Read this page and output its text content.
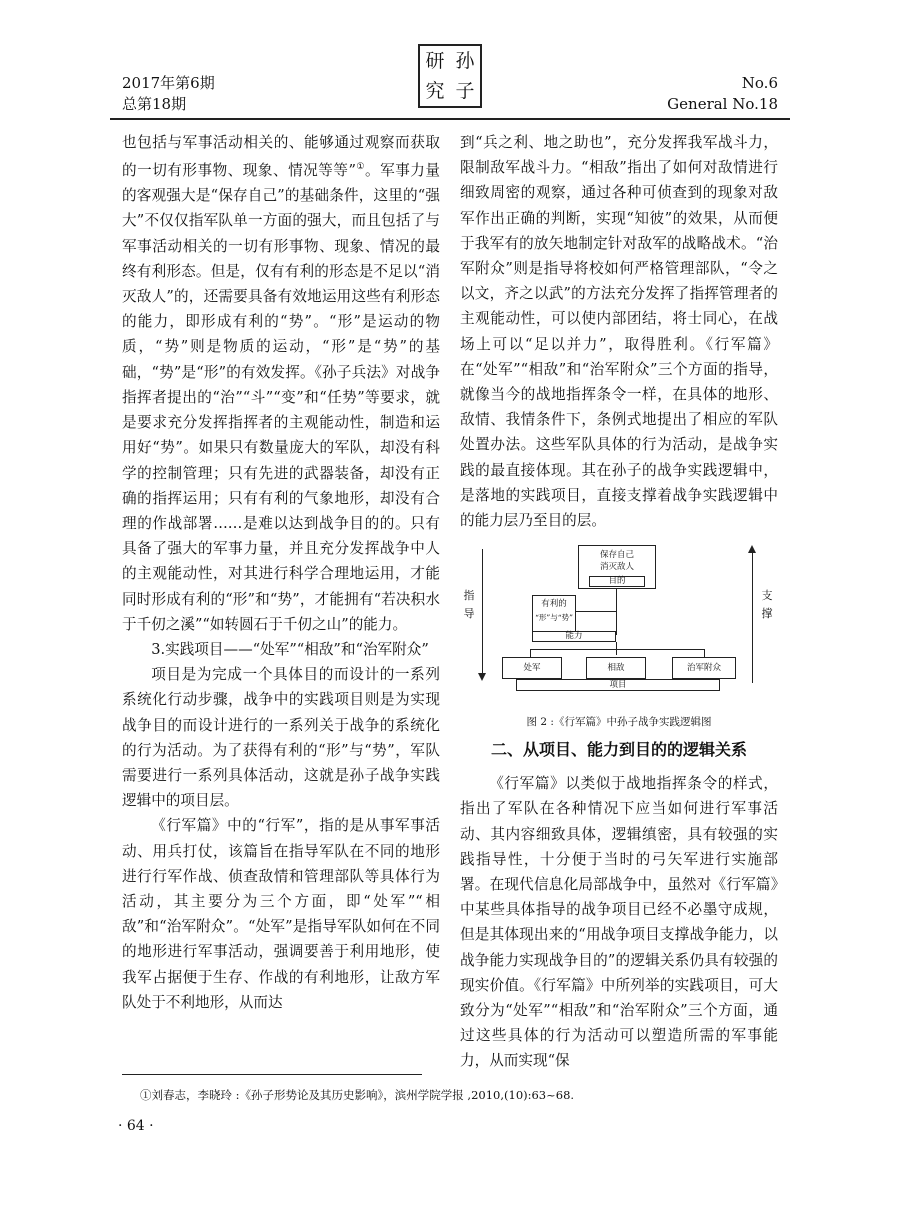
2017年第6期
总第18期
研 孙
究 子	No.6
General No.18

也包括与军事活动相关的、能够通过观察而获取的一切有形事物、现象、情况等等”①。军事力量的客观强大是“保存自己”的基础条件，这里的“强大”不仅仅指军队单一方面的强大，而且包括了与军事活动相关的一切有形事物、现象、情况的最终有利形态。但是，仅有有利的形态是不足以“消灭敌人”的，还需要具备有效地运用这些有利形态的能力，即形成有利的“势”。“形”是运动的物质，“势”则是物质的运动，“形”是“势”的基础，“势”是“形”的有效发挥。《孙子兵法》对战争指挥者提出的“治”“斗”“变”和“任势”等要求，就是要求充分发挥指挥者的主观能动性，制造和运用好“势”。如果只有数量庞大的军队，却没有科学的控制管理；只有先进的武器装备，却没有正确的指挥运用；只有有利的气象地形，却没有合理的作战部署……是难以达到战争目的的。只有具备了强大的军事力量，并且充分发挥战争中人的主观能动性，对其进行科学合理地运用，才能同时形成有利的“形”和“势”，才能拥有“若决积水于千仞之溪”“如转圆石于千仞之山”的能力。

3.实践项目——“处军”“相敌”和“治军附众”

项目是为完成一个具体目的而设计的一系列系统化行动步骤，战争中的实践项目则是为实现战争目的而设计进行的一系列关于战争的系统化的行为活动。为了获得有利的“形”与“势”，军队需要进行一系列具体活动，这就是孙子战争实践逻辑中的项目层。

《行军篇》中的“行军”，指的是从事军事活动、用兵打仗，该篇旨在指导军队在不同的地形进行行军作战、侦查敌情和管理部队等具体行为活动，其主要分为三个方面，即“处军”“相敌”和“治军附众”。“处军”是指导军队如何在不同的地形进行军事活动，强调要善于利用地形，使我军占据便于生存、作战的有利地形，让敌方军队处于不利地形，从而达

到“兵之利、地之助也”，充分发挥我军战斗力，限制敌军战斗力。“相敌”指出了如何对敌情进行细致周密的观察，通过各种可侦查到的现象对敌军作出正确的判断，实现“知彼”的效果，从而便于我军有的放矢地制定针对敌军的战略战术。“治军附众”则是指导将校如何严格管理部队，“令之以文，齐之以武”的方法充分发挥了指挥管理者的主观能动性，可以使内部团结，将士同心，在战场上可以“足以并力”，取得胜利。《行军篇》在“处军”“相敌”和“治军附众”三个方面的指导，就像当今的战地指挥条令一样，在具体的地形、敌情、我情条件下，条例式地提出了相应的军队处置办法。这些军队具体的行为活动，是战争实践的最直接体现。其在孙子的战争实践逻辑中，是落地的实践项目，直接支撑着战争实践逻辑中的能力层乃至目的层。

指导
支撑
保存自己
消灭敌人
目的
有利的
“形”与“势”
能力
处军	相敌	治军附众
项目
图 2 :《行军篇》中孙子战争实践逻辑图
二、从项目、能力到目的的逻辑关系

《行军篇》以类似于战地指挥条令的样式，指出了军队在各种情况下应当如何进行军事活动、其内容细致具体，逻辑缜密，具有较强的实践指导性，十分便于当时的弓矢军进行实施部署。在现代信息化局部战争中，虽然对《行军篇》中某些具体指导的战争项目已经不必墨守成规，但是其体现出来的“用战争项目支撑战争能力，以战争能力实现战争目的”的逻辑关系仍具有较强的现实价值。《行军篇》中所列举的实践项目，可大致分为“处军”“相敌”和“治军附众”三个方面，通过这些具体的行为活动可以塑造所需的军事能力，从而实现“保

①刘春志，李晓玲 :《孙子形势论及其历史影响》，滨州学院学报 ,2010,(10):63~68.
· 64 ·
